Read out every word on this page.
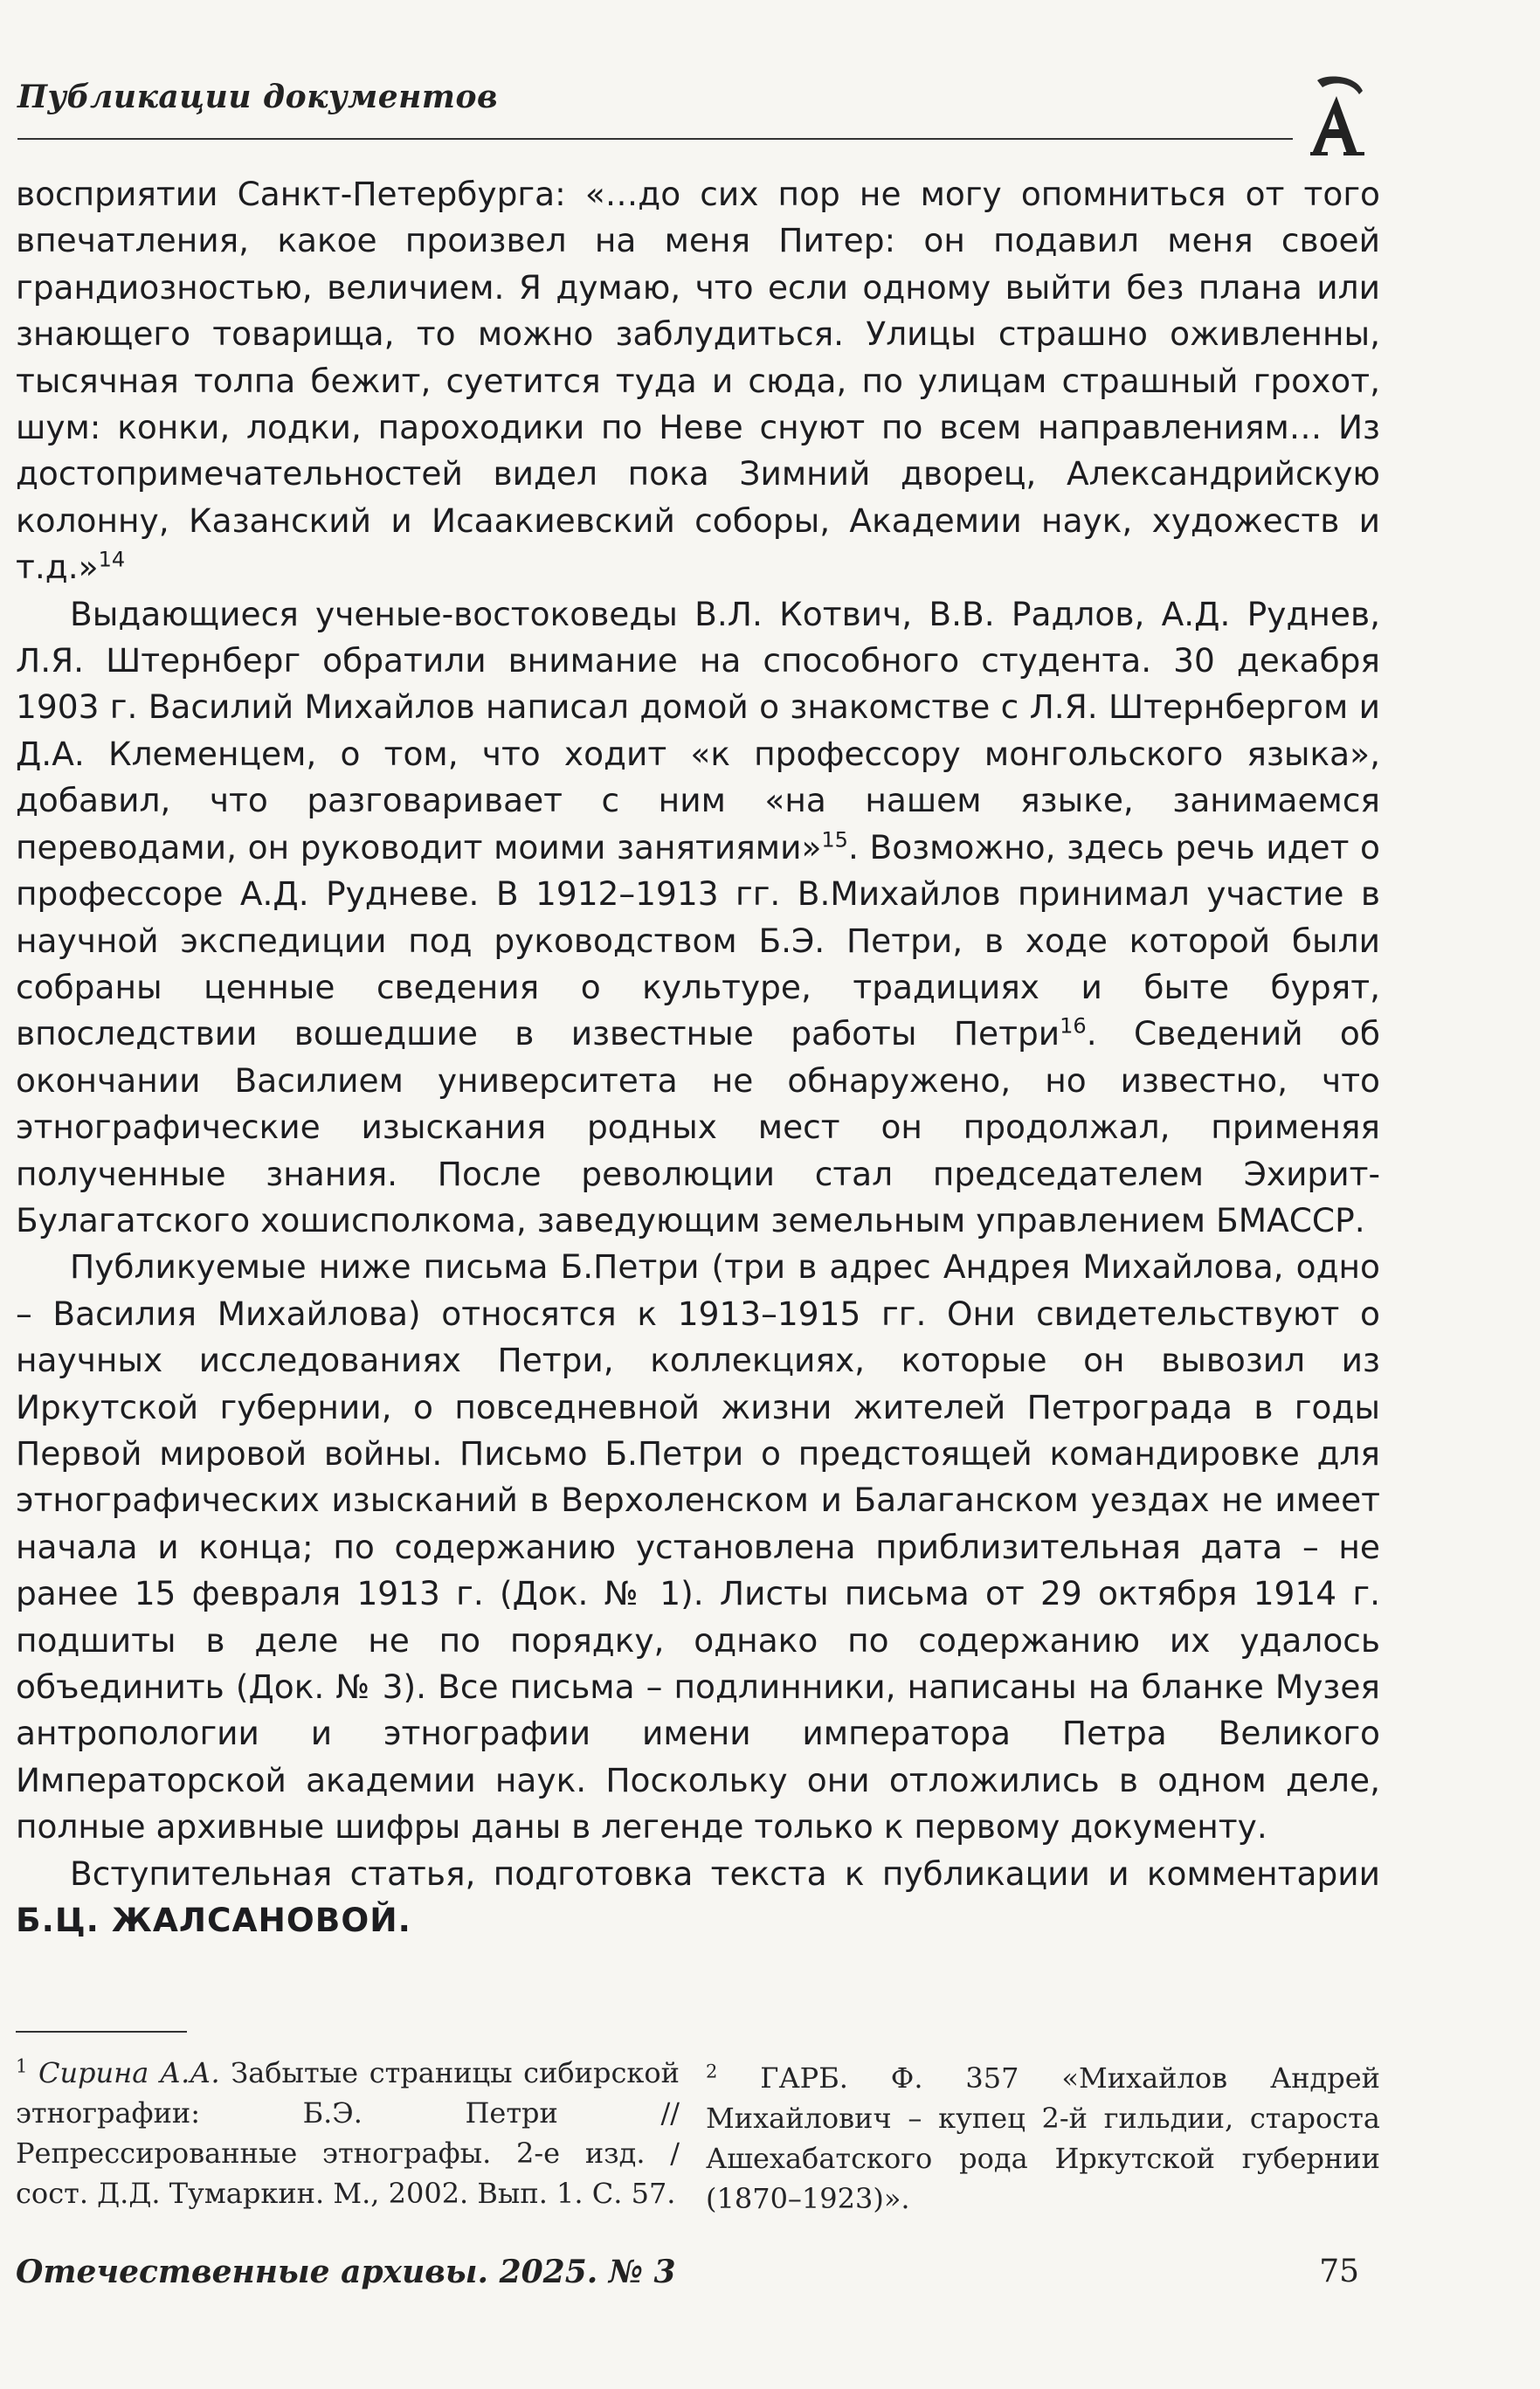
Публикации документов

восприятии Санкт-Петербурга: «…до сих пор не могу опомниться от того впечатления, какое произвел на меня Питер: он подавил меня своей грандиозностью, величием. Я думаю, что если одному выйти без плана или знающего товарища, то можно заблудиться. Улицы страшно оживленны, тысячная толпа бежит, суетится туда и сюда, по улицам страшный грохот, шум: конки, лодки, пароходики по Неве снуют по всем направлениям… Из достопримечательностей видел пока Зимний дворец, Александрийскую колонну, Казанский и Исаакиевский соборы, Академии наук, художеств и т.д.»$^{14}$

Выдающиеся ученые-востоковеды В.Л. Котвич, В.В. Радлов, А.Д. Руднев, Л.Я. Штернберг обратили внимание на способного студента. 30 декабря 1903 г. Василий Михайлов написал домой о знакомстве с Л.Я. Штернбергом и Д.А. Клеменцем, о том, что ходит «к профессору монгольского языка», добавил, что разговаривает с ним «на нашем языке, занимаемся переводами, он руководит моими занятиями»$^{15}$. Возможно, здесь речь идет о профессоре А.Д. Рудневе. В 1912–1913 гг. В.Михайлов принимал участие в научной экспедиции под руководством Б.Э. Петри, в ходе которой были собраны ценные сведения о культуре, традициях и быте бурят, впоследствии вошедшие в известные работы Петри$^{16}$. Сведений об окончании Василием университета не обнаружено, но известно, что этнографические изыскания родных мест он продолжал, применяя полученные знания. После революции стал председателем Эхирит-Булагатского хошисполкома, заведующим земельным управлением БМАССР.

Публикуемые ниже письма Б.Петри (три в адрес Андрея Михайлова, одно – Василия Михайлова) относятся к 1913–1915 гг. Они свидетельствуют о научных исследованиях Петри, коллекциях, которые он вывозил из Иркутской губернии, о повседневной жизни жителей Петрограда в годы Первой мировой войны. Письмо Б.Петри о предстоящей командировке для этнографических изысканий в Верхоленском и Балаганском уездах не имеет начала и конца; по содержанию установлена приблизительная дата – не ранее 15 февраля 1913 г. (Док. № 1). Листы письма от 29 октября 1914 г. подшиты в деле не по порядку, однако по содержанию их удалось объединить (Док. № 3). Все письма – подлинники, написаны на бланке Музея антропологии и этнографии имени императора Петра Великого Императорской академии наук. Поскольку они отложились в одном деле, полные архивные шифры даны в легенде только к первому документу.

Вступительная статья, подготовка текста к публикации и комментарии Б.Ц. ЖАЛСАНОВОЙ.

$^1$ Сирина А.А. Забытые страницы сибирской этнографии: Б.Э. Петри // Репрессированные этнографы. 2-е изд. / сост. Д.Д. Тумаркин. М., 2002. Вып. 1. С. 57.
$^2$ ГАРБ. Ф. 357 «Михайлов Андрей Михайлович – купец 2-й гильдии, староста Ашехабатского рода Иркутской губернии (1870–1923)».
Отечественные архивы. 2025. № 3	75
